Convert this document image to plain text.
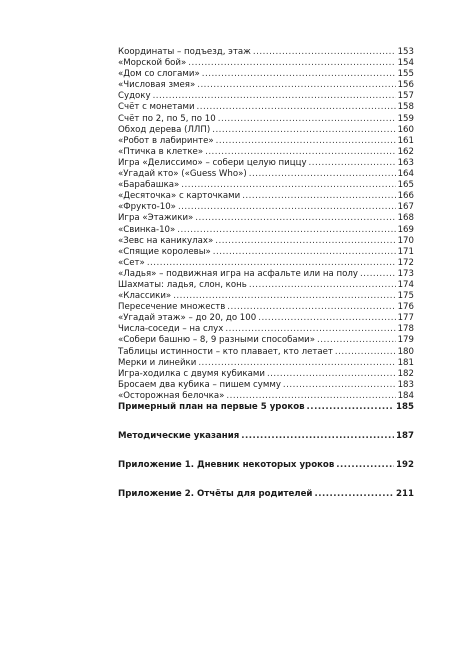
Координаты – подъезд, этаж .....	153
«Морской бой» .....	154
«Дом со слогами» .....	155
«Числовая змея» .....	156
Судоку .....	157
Счёт с монетами .....	158
Счёт по 2, по 5, по 10 .....	159
Обход дерева (ЛЛП) .....	160
«Робот в лабиринте» .....	161
«Птичка в клетке» .....	162
Игра «Делиссимо» – собери целую пиццу .....	163
«Угадай кто» («Guess Who») .....	164
«Барабашка» .....	165
«Десяточка» с карточками .....	166
«Фрукто-10» .....	167
Игра «Этажики» .....	168
«Свинка-10» .....	169
«Зевс на каникулах» .....	170
«Спящие королевы» .....	171
«Сет» .....	172
«Ладья» – подвижная игра на асфальте или на полу .....	173
Шахматы: ладья, слон, конь .....	174
«Классики» .....	175
Пересечение множеств .....	176
«Угадай этаж» – до 20, до 100 .....	177
Числа-соседи – на слух .....	178
«Собери башню – 8, 9 разными способами» .....	179
Таблицы истинности – кто плавает, кто летает .....	180
Мерки и линейки .....	181
Игра-ходилка с двумя кубиками .....	182
Бросаем два кубика – пишем сумму .....	183
«Осторожная белочка» .....	184
Примерный план на первые 5 уроков .....	185
Методические указания .....	187
Приложение 1. Дневник некоторых уроков .....	192
Приложение 2. Отчёты для родителей .....	211
